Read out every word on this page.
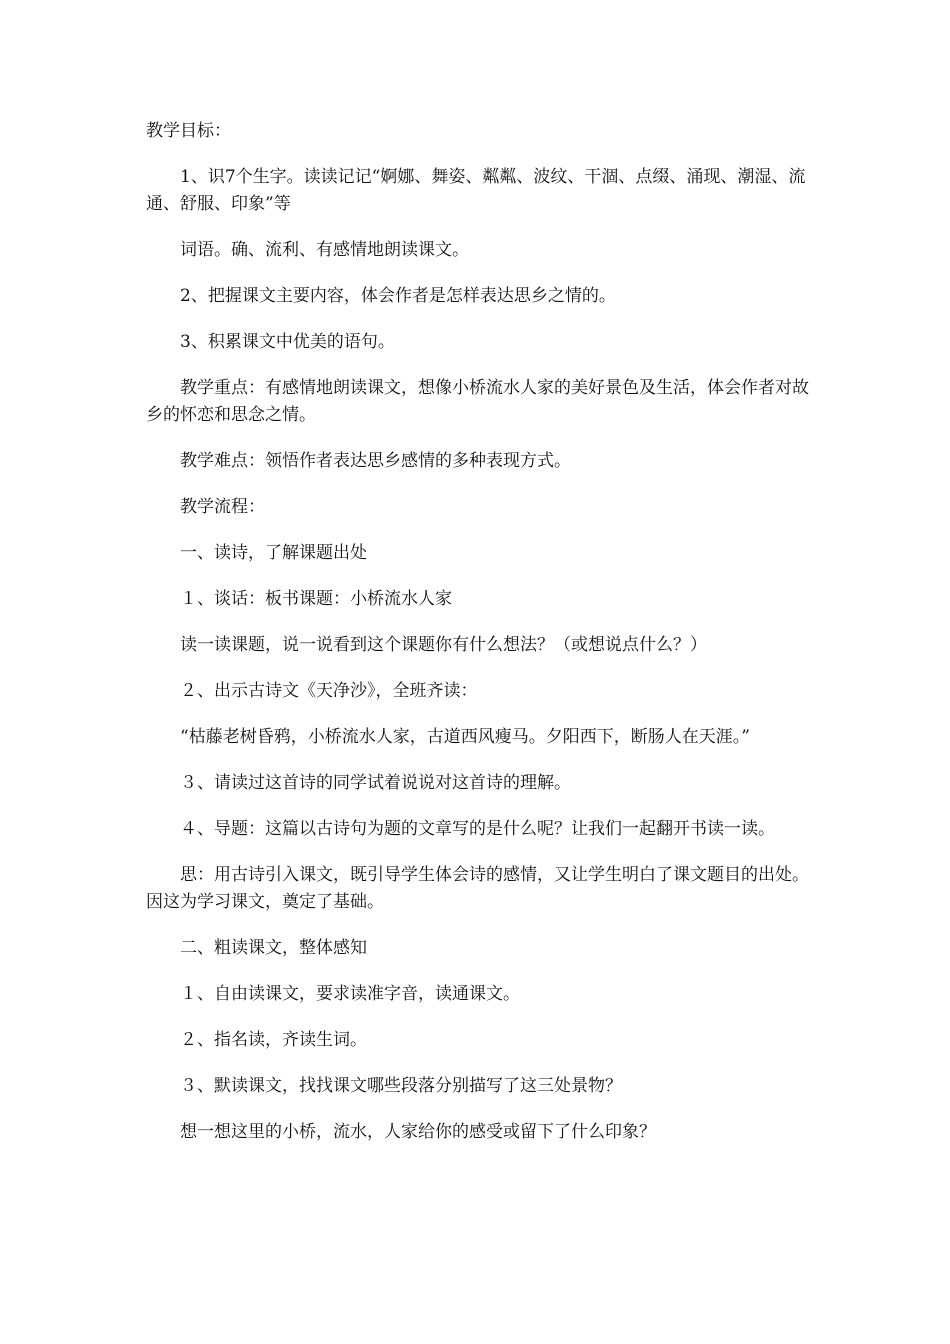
教学目标：

1、识7个生字。读读记记“婀娜、舞姿、粼粼、波纹、干涸、点缀、涌现、潮湿、流通、舒服、印象”等

词语。确、流利、有感情地朗读课文。

2、把握课文主要内容，体会作者是怎样表达思乡之情的。

3、积累课文中优美的语句。

教学重点：有感情地朗读课文，想像小桥流水人家的美好景色及生活，体会作者对故乡的怀恋和思念之情。

教学难点：领悟作者表达思乡感情的多种表现方式。

教学流程：

一、读诗，了解课题出处

１、谈话：板书课题：小桥流水人家

读一读课题，说一说看到这个课题你有什么想法？（或想说点什么？）

２、出示古诗文《天净沙》，全班齐读：

“枯藤老树昏鸦，小桥流水人家，古道西风瘦马。夕阳西下，断肠人在天涯。”

３、请读过这首诗的同学试着说说对这首诗的理解。

４、导题：这篇以古诗句为题的文章写的是什么呢？让我们一起翻开书读一读。

思：用古诗引入课文，既引导学生体会诗的感情，又让学生明白了课文题目的出处。因这为学习课文，奠定了基础。

二、粗读课文，整体感知

１、自由读课文，要求读准字音，读通课文。

２、指名读，齐读生词。

３、默读课文，找找课文哪些段落分别描写了这三处景物？

想一想这里的小桥，流水，人家给你的感受或留下了什么印象？
